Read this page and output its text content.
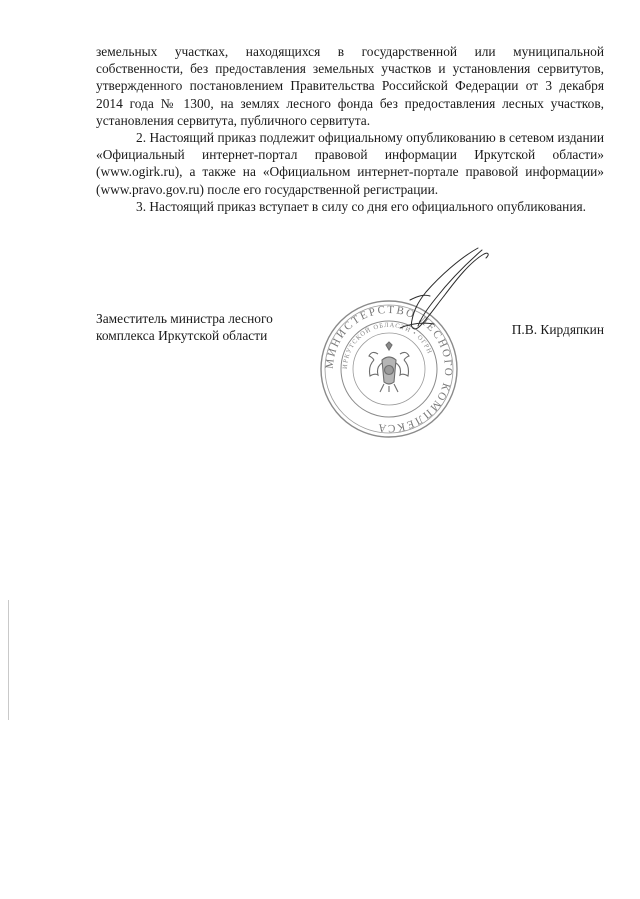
земельных участках, находящихся в государственной или муниципальной собственности, без предоставления земельных участков и установления сервитутов, утвержденного постановлением Правительства Российской Федерации от 3 декабря 2014 года № 1300, на землях лесного фонда без предоставления лесных участков, установления сервитута, публичного сервитута.

2. Настоящий приказ подлежит официальному опубликованию в сетевом издании «Официальный интернет-портал правовой информации Иркутской области» (www.ogirk.ru), а также на «Официальном интернет-портале правовой информации» (www.pravo.gov.ru) после его государственной регистрации.

3. Настоящий приказ вступает в силу со дня его официального опубликования.

Заместитель министра лесного
комплекса Иркутской области	П.В. Кирдяпкин
МИНИСТЕРСТВО ЛЕСНОГО КОМПЛЕКСА
ИРКУТСКОЙ ОБЛАСТИ • ОГРН
